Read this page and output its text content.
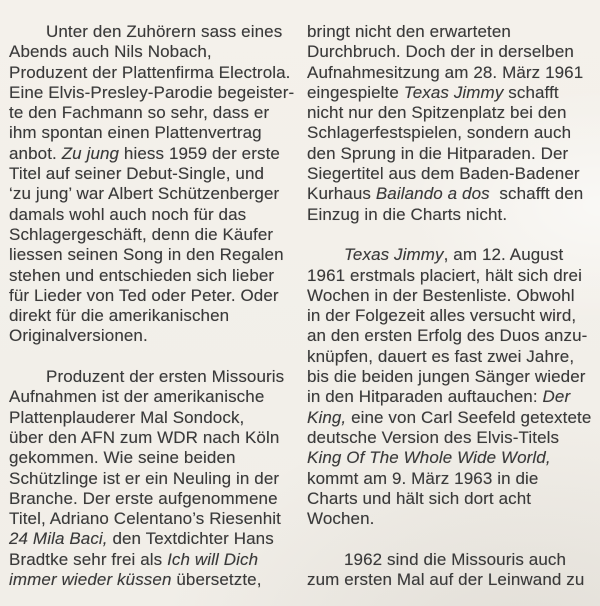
Unter den Zuhörern sass eines
Abends auch Nils Nobach,
Produzent der Plattenfirma Electrola.
Eine Elvis-Presley-Parodie begeister-
te den Fachmann so sehr, dass er
ihm spontan einen Plattenvertrag
anbot. Zu jung hiess 1959 der erste
Titel auf seiner Debut-Single, und
‘zu jung’ war Albert Schützenberger
damals wohl auch noch für das
Schlagergeschäft, denn die Käufer
liessen seinen Song in den Regalen
stehen und entschieden sich lieber
für Lieder von Ted oder Peter. Oder
direkt für die amerikanischen
Originalversionen.
Produzent der ersten Missouris
Aufnahmen ist der amerikanische
Plattenplauderer Mal Sondock,
über den AFN zum WDR nach Köln
gekommen. Wie seine beiden
Schützlinge ist er ein Neuling in der
Branche. Der erste aufgenommene
Titel, Adriano Celentano’s Riesenhit
24 Mila Baci, den Textdichter Hans
Bradtke sehr frei als Ich will Dich
immer wieder küssen übersetzte,
bringt nicht den erwarteten
Durchbruch. Doch der in derselben
Aufnahmesitzung am 28. März 1961
eingespielte Texas Jimmy schafft
nicht nur den Spitzenplatz bei den
Schlagerfestspielen, sondern auch
den Sprung in die Hitparaden. Der
Siegertitel aus dem Baden-Badener
Kurhaus Bailando a dos  schafft den
Einzug in die Charts nicht.
Texas Jimmy, am 12. August
1961 erstmals placiert, hält sich drei
Wochen in der Bestenliste. Obwohl
in der Folgezeit alles versucht wird,
an den ersten Erfolg des Duos anzu-
knüpfen, dauert es fast zwei Jahre,
bis die beiden jungen Sänger wieder
in den Hitparaden auftauchen: Der
King, eine von Carl Seefeld getextete
deutsche Version des Elvis-Titels
King Of The Whole Wide World,
kommt am 9. März 1963 in die
Charts und hält sich dort acht
Wochen.
1962 sind die Missouris auch
zum ersten Mal auf der Leinwand zu
